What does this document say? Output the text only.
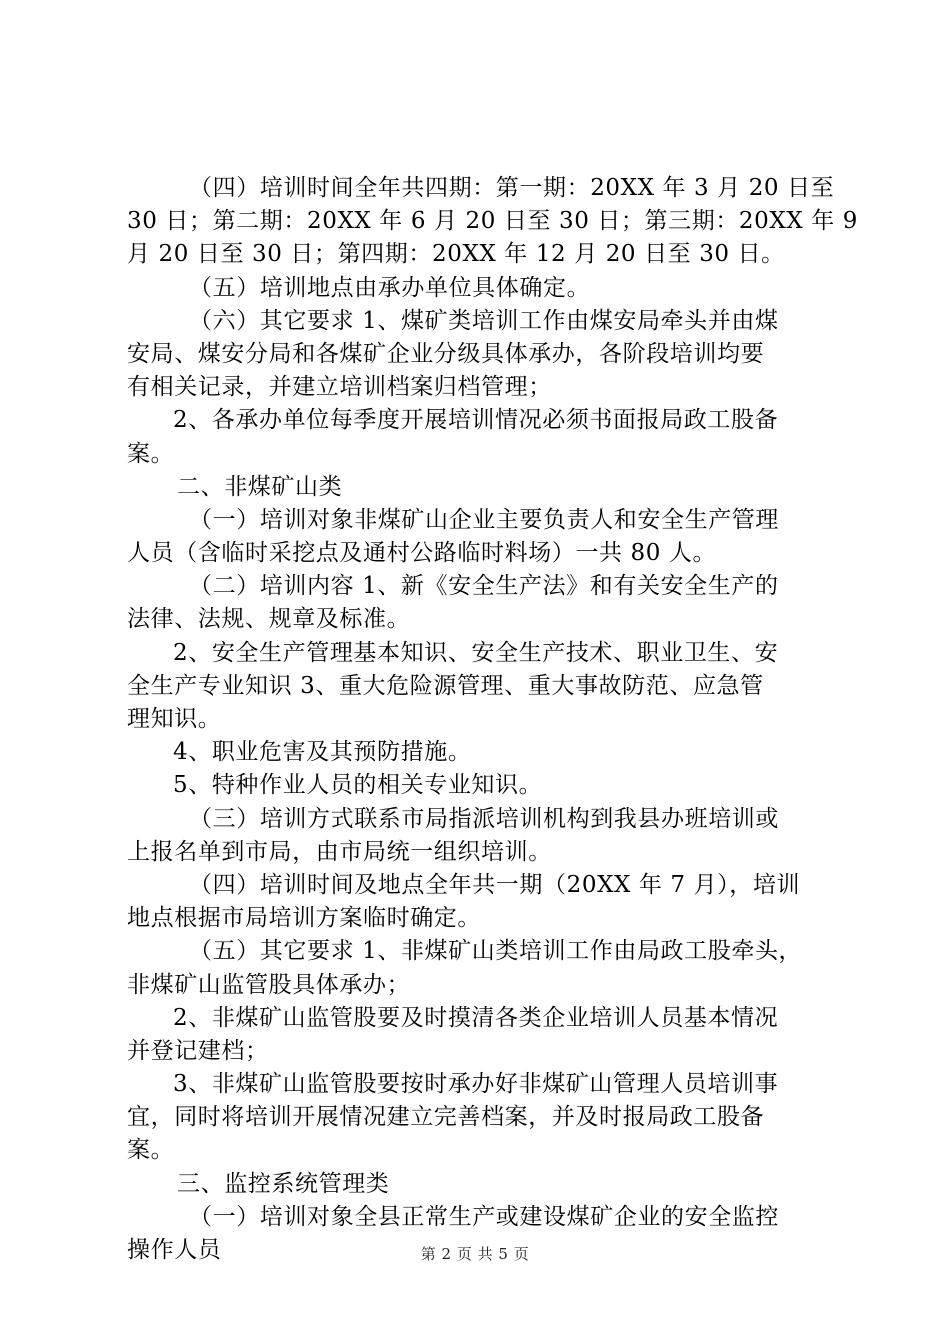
（四）培训时间全年共四期：第一期：20XX 年 3 月 20 日至
30 日；第二期：20XX 年 6 月 20 日至 30 日；第三期：20XX 年 9
月 20 日至 30 日；第四期：20XX 年 12 月 20 日至 30 日。
（五）培训地点由承办单位具体确定。
（六）其它要求 1、煤矿类培训工作由煤安局牵头并由煤
安局、煤安分局和各煤矿企业分级具体承办，各阶段培训均要
有相关记录，并建立培训档案归档管理；
2、各承办单位每季度开展培训情况必须书面报局政工股备
案。
二、非煤矿山类
（一）培训对象非煤矿山企业主要负责人和安全生产管理
人员（含临时采挖点及通村公路临时料场）一共 80 人。
（二）培训内容 1、新《安全生产法》和有关安全生产的
法律、法规、规章及标准。
2、安全生产管理基本知识、安全生产技术、职业卫生、安
全生产专业知识 3、重大危险源管理、重大事故防范、应急管
理知识。
4、职业危害及其预防措施。
5、特种作业人员的相关专业知识。
（三）培训方式联系市局指派培训机构到我县办班培训或
上报名单到市局，由市局统一组织培训。
（四）培训时间及地点全年共一期（20XX 年 7 月），培训
地点根据市局培训方案临时确定。
（五）其它要求 1、非煤矿山类培训工作由局政工股牵头，
非煤矿山监管股具体承办；
2、非煤矿山监管股要及时摸清各类企业培训人员基本情况
并登记建档；
3、非煤矿山监管股要按时承办好非煤矿山管理人员培训事
宜，同时将培训开展情况建立完善档案，并及时报局政工股备
案。
三、监控系统管理类
（一）培训对象全县正常生产或建设煤矿企业的安全监控
操作人员	第 2 页 共 5 页
